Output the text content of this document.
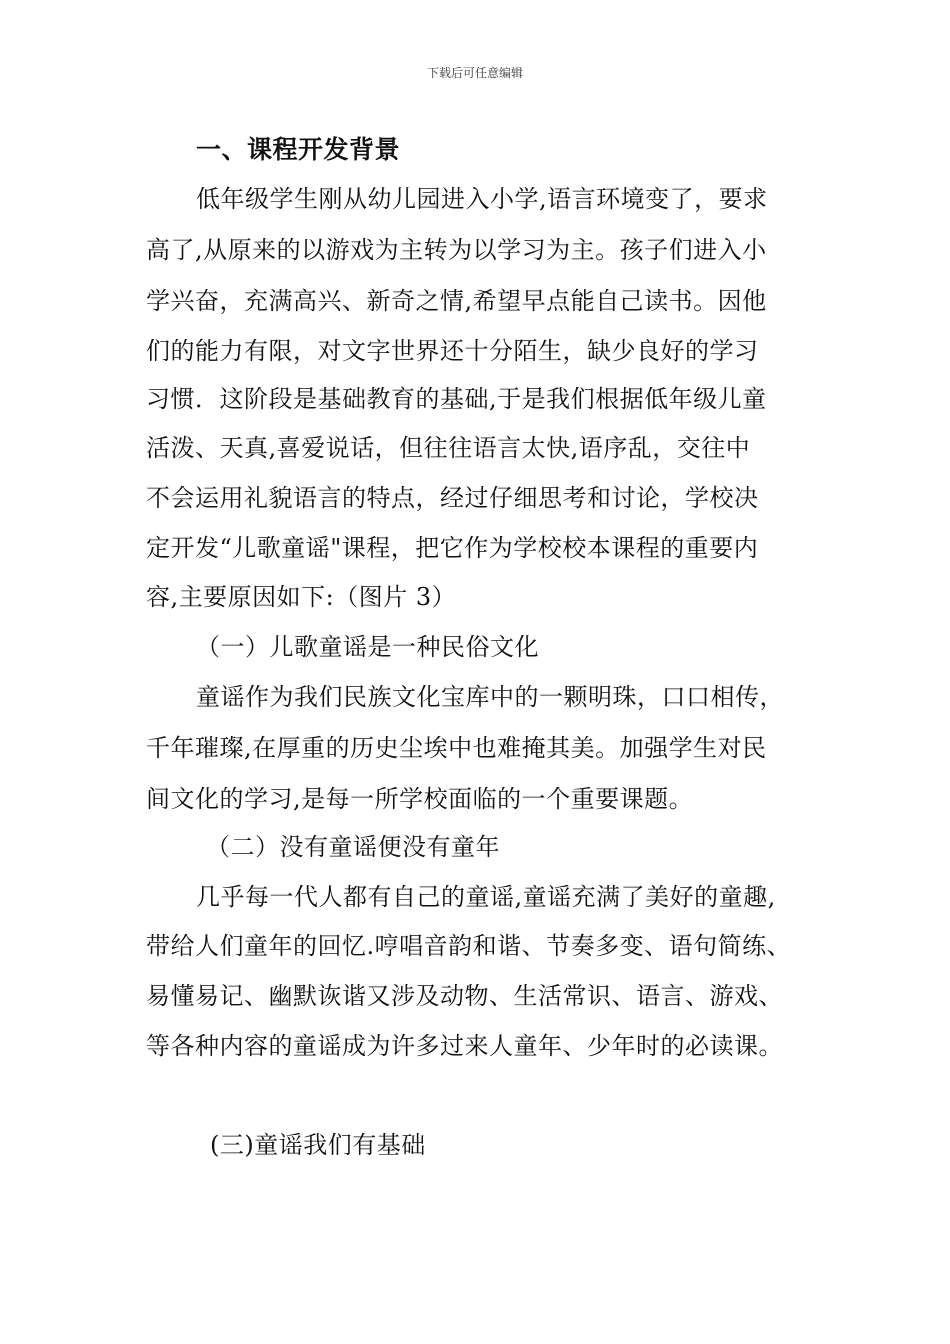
下载后可任意编辑
一、课程开发背景
低年级学生刚从幼儿园进入小学,语言环境变了，要求
高了,从原来的以游戏为主转为以学习为主。孩子们进入小
学兴奋，充满高兴、新奇之情,希望早点能自己读书。因他
们的能力有限，对文字世界还十分陌生，缺少良好的学习
习惯．这阶段是基础教育的基础,于是我们根据低年级儿童
活泼、天真,喜爱说话，但往往语言太快,语序乱，交往中
不会运用礼貌语言的特点，经过仔细思考和讨论，学校决
定开发“儿歌童谣"课程，把它作为学校校本课程的重要内
容,主要原因如下:（图片 3）
（一）儿歌童谣是一种民俗文化
童谣作为我们民族文化宝库中的一颗明珠，口口相传，
千年璀璨,在厚重的历史尘埃中也难掩其美。加强学生对民
间文化的学习,是每一所学校面临的一个重要课题。
（二）没有童谣便没有童年
几乎每一代人都有自己的童谣,童谣充满了美好的童趣,
带给人们童年的回忆.哼唱音韵和谐、节奏多变、语句简练、
易懂易记、幽默诙谐又涉及动物、生活常识、语言、游戏、
等各种内容的童谣成为许多过来人童年、少年时的必读课。
(三)童谣我们有基础
